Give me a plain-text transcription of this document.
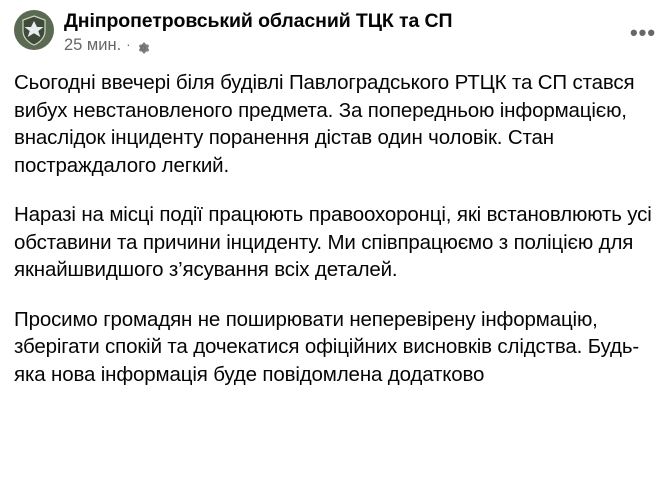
Дніпропетровський обласний ТЦК та СП
25 мин. ·	•••

Сьогодні ввечері біля будівлі Павлоградського РТЦК та СП стався вибух невстановленого предмета. За попередньою інформацією, внаслідок інциденту поранення дістав один чоловік. Стан постраждалого легкий.

Наразі на місці події працюють правоохоронці, які встановлюють усі обставини та причини інциденту. Ми співпрацюємо з поліцією для якнайшвидшого з’ясування всіх деталей.

Просимо громадян не поширювати неперевірену інформацію, зберігати спокій та дочекатися офіційних висновків слідства. Будь-яка нова інформація буде повідомлена додатково
